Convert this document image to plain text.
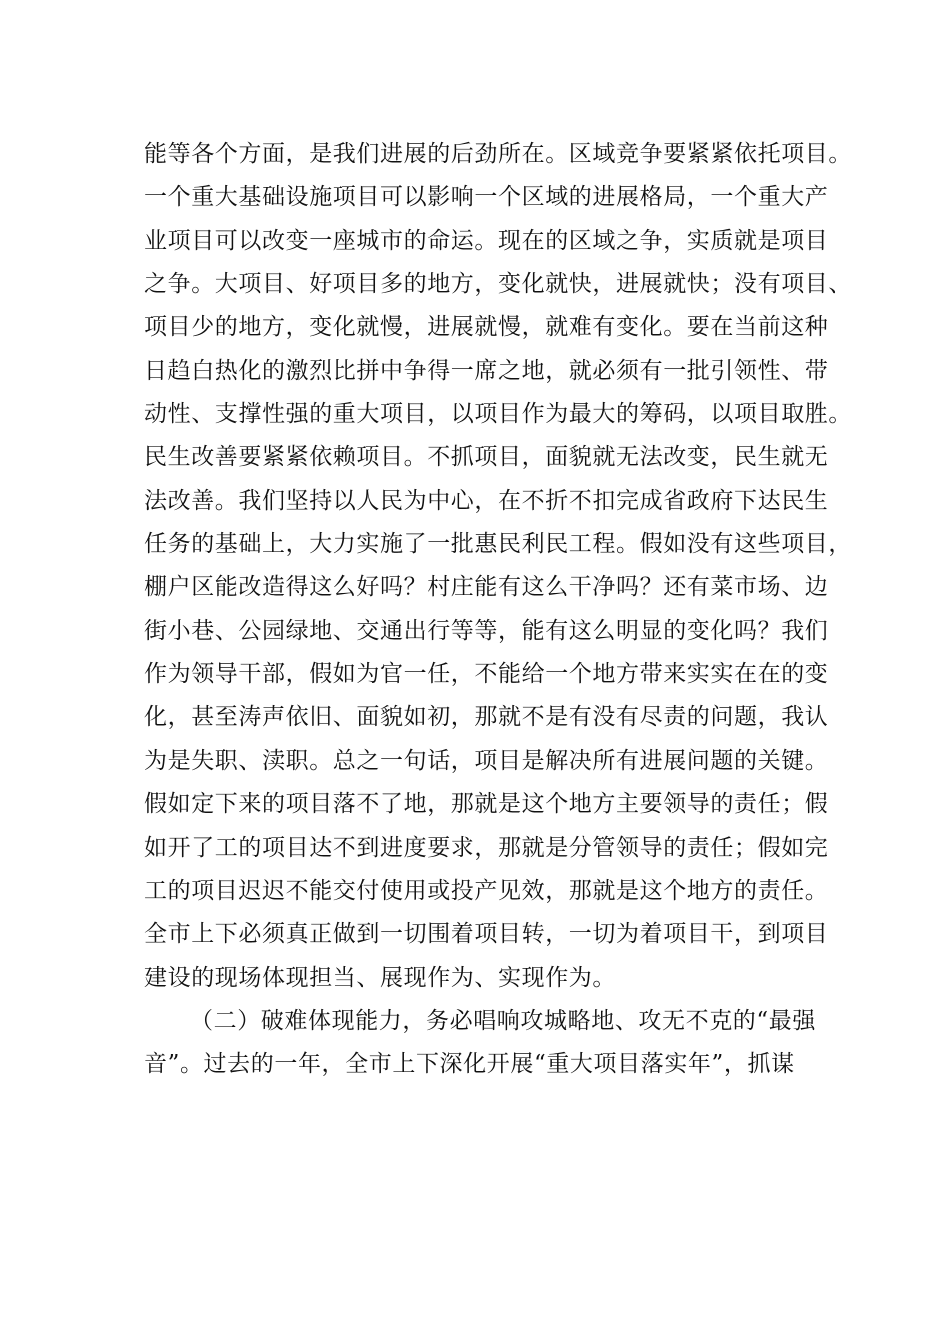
能等各个方面，是我们进展的后劲所在。区域竞争要紧紧依托项目。
一个重大基础设施项目可以影响一个区域的进展格局，一个重大产
业项目可以改变一座城市的命运。现在的区域之争，实质就是项目
之争。大项目、好项目多的地方，变化就快，进展就快；没有项目、
项目少的地方，变化就慢，进展就慢，就难有变化。要在当前这种
日趋白热化的激烈比拼中争得一席之地，就必须有一批引领性、带
动性、支撑性强的重大项目，以项目作为最大的筹码，以项目取胜。
民生改善要紧紧依赖项目。不抓项目，面貌就无法改变，民生就无
法改善。我们坚持以人民为中心，在不折不扣完成省政府下达民生
任务的基础上，大力实施了一批惠民利民工程。假如没有这些项目，
棚户区能改造得这么好吗？村庄能有这么干净吗？还有菜市场、边
街小巷、公园绿地、交通出行等等，能有这么明显的变化吗？我们
作为领导干部，假如为官一任，不能给一个地方带来实实在在的变
化，甚至涛声依旧、面貌如初，那就不是有没有尽责的问题，我认
为是失职、渎职。总之一句话，项目是解决所有进展问题的关键。
假如定下来的项目落不了地，那就是这个地方主要领导的责任；假
如开了工的项目达不到进度要求，那就是分管领导的责任；假如完
工的项目迟迟不能交付使用或投产见效，那就是这个地方的责任。
全市上下必须真正做到一切围着项目转，一切为着项目干，到项目
建设的现场体现担当、展现作为、实现作为。
（二）破难体现能力，务必唱响攻城略地、攻无不克的“最强
音”。过去的一年，全市上下深化开展“重大项目落实年”，抓谋
